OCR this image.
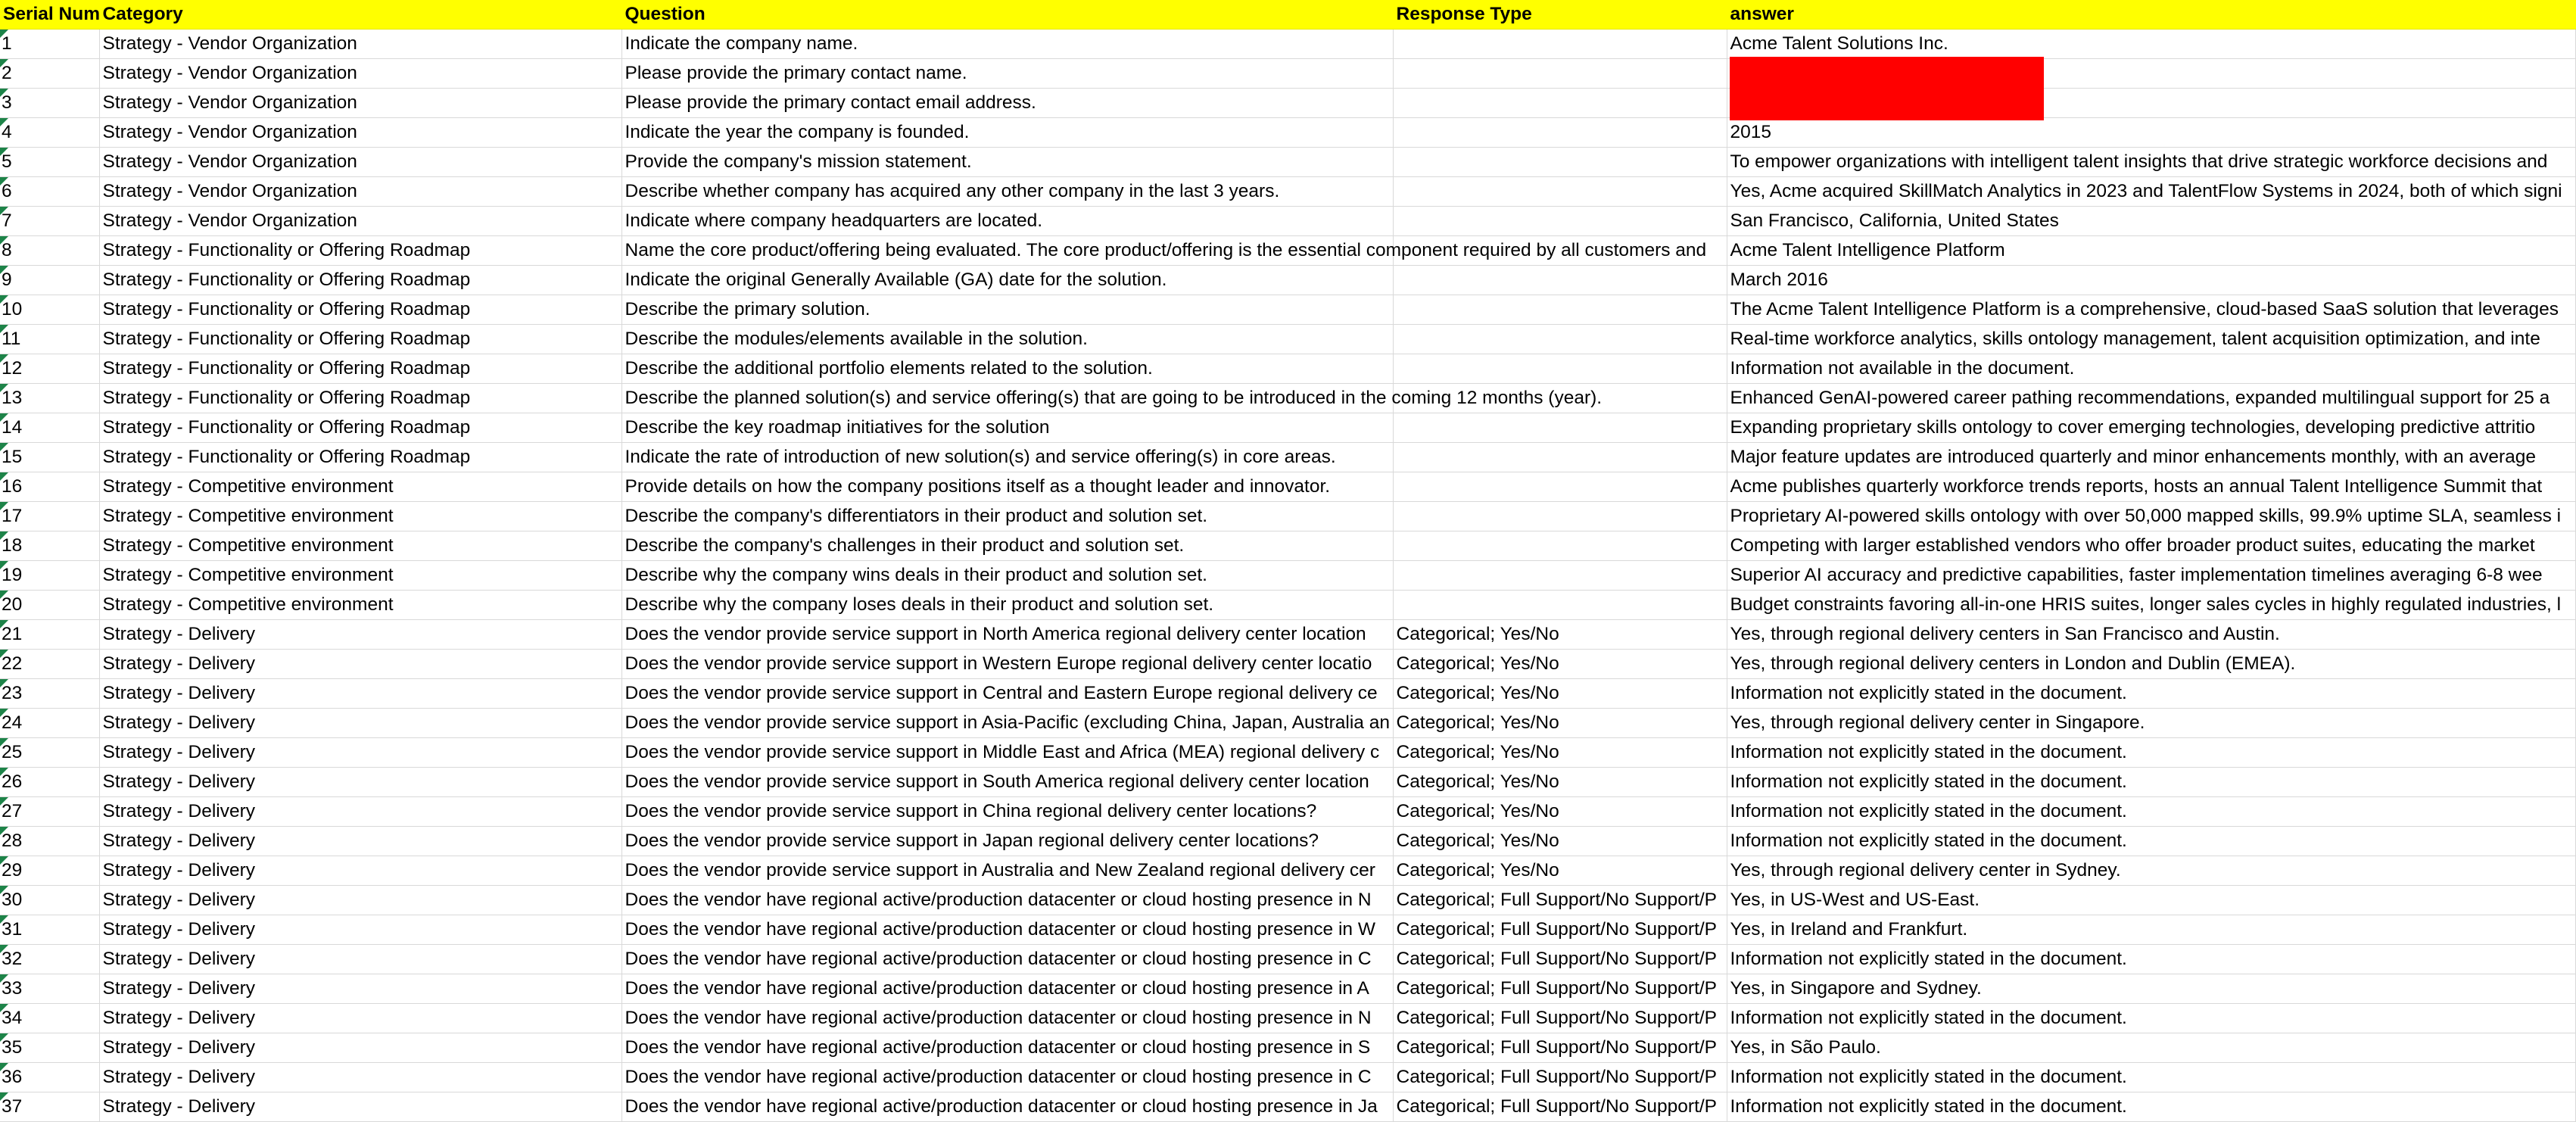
Serial Num	Category	Question	Response Type	answer

1	Strategy - Vendor Organization	Indicate the company name.		Acme Talent Solutions Inc.

2	Strategy - Vendor Organization	Please provide the primary contact name.		

3	Strategy - Vendor Organization	Please provide the primary contact email address.		

4	Strategy - Vendor Organization	Indicate the year the company is founded.		2015

5	Strategy - Vendor Organization	Provide the company's mission statement.		To empower organizations with intelligent talent insights that drive strategic workforce decisions and

6	Strategy - Vendor Organization	Describe whether company has acquired any other company in the last 3 years.		Yes, Acme acquired SkillMatch Analytics in 2023 and TalentFlow Systems in 2024, both of which signi

7	Strategy - Vendor Organization	Indicate where company headquarters are located.		San Francisco, California, United States

8	Strategy - Functionality or Offering Roadmap	Name the core product/offering being evaluated. The core product/offering is the essential component required by all customers and		Acme Talent Intelligence Platform

9	Strategy - Functionality or Offering Roadmap	Indicate the original Generally Available (GA) date for the solution.		March 2016

10	Strategy - Functionality or Offering Roadmap	Describe the primary solution.		The Acme Talent Intelligence Platform is a comprehensive, cloud-based SaaS solution that leverages

11	Strategy - Functionality or Offering Roadmap	Describe the modules/elements available in the solution.		Real-time workforce analytics, skills ontology management, talent acquisition optimization, and inte

12	Strategy - Functionality or Offering Roadmap	Describe the additional portfolio elements related to the solution.		Information not available in the document.

13	Strategy - Functionality or Offering Roadmap	Describe the planned solution(s) and service offering(s) that are going to be introduced in the coming 12 months (year).		Enhanced GenAI-powered career pathing recommendations, expanded multilingual support for 25 a

14	Strategy - Functionality or Offering Roadmap	Describe the key roadmap initiatives for the solution		Expanding proprietary skills ontology to cover emerging technologies, developing predictive attritio

15	Strategy - Functionality or Offering Roadmap	Indicate the rate of introduction of new solution(s) and service offering(s) in core areas.		Major feature updates are introduced quarterly and minor enhancements monthly, with an average

16	Strategy - Competitive environment	Provide details on how the company positions itself as a thought leader and innovator.		Acme publishes quarterly workforce trends reports, hosts an annual Talent Intelligence Summit that

17	Strategy - Competitive environment	Describe the company's differentiators in their product and solution set.		Proprietary AI-powered skills ontology with over 50,000 mapped skills, 99.9% uptime SLA, seamless i

18	Strategy - Competitive environment	Describe the company's challenges in their product and solution set.		Competing with larger established vendors who offer broader product suites, educating the market

19	Strategy - Competitive environment	Describe why the company wins deals in their product and solution set.		Superior AI accuracy and predictive capabilities, faster implementation timelines averaging 6-8 wee

20	Strategy - Competitive environment	Describe why the company loses deals in their product and solution set.		Budget constraints favoring all-in-one HRIS suites, longer sales cycles in highly regulated industries, l

21	Strategy - Delivery	Does the vendor provide service support in North America regional delivery center location	Categorical; Yes/No	Yes, through regional delivery centers in San Francisco and Austin.

22	Strategy - Delivery	Does the vendor provide service support in Western Europe regional delivery center locatio	Categorical; Yes/No	Yes, through regional delivery centers in London and Dublin (EMEA).

23	Strategy - Delivery	Does the vendor provide service support in Central and Eastern Europe regional delivery ce	Categorical; Yes/No	Information not explicitly stated in the document.

24	Strategy - Delivery	Does the vendor provide service support in Asia-Pacific (excluding China, Japan, Australia an	Categorical; Yes/No	Yes, through regional delivery center in Singapore.

25	Strategy - Delivery	Does the vendor provide service support in Middle East and Africa (MEA) regional delivery c	Categorical; Yes/No	Information not explicitly stated in the document.

26	Strategy - Delivery	Does the vendor provide service support in South America regional delivery center location	Categorical; Yes/No	Information not explicitly stated in the document.

27	Strategy - Delivery	Does the vendor provide service support in China regional delivery center locations?	Categorical; Yes/No	Information not explicitly stated in the document.

28	Strategy - Delivery	Does the vendor provide service support in Japan regional delivery center locations?	Categorical; Yes/No	Information not explicitly stated in the document.

29	Strategy - Delivery	Does the vendor provide service support in Australia and New Zealand regional delivery cer	Categorical; Yes/No	Yes, through regional delivery center in Sydney.

30	Strategy - Delivery	Does the vendor have regional active/production datacenter or cloud hosting presence in N	Categorical; Full Support/No Support/P	Yes, in US-West and US-East.

31	Strategy - Delivery	Does the vendor have regional active/production datacenter or cloud hosting presence in W	Categorical; Full Support/No Support/P	Yes, in Ireland and Frankfurt.

32	Strategy - Delivery	Does the vendor have regional active/production datacenter or cloud hosting presence in C	Categorical; Full Support/No Support/P	Information not explicitly stated in the document.

33	Strategy - Delivery	Does the vendor have regional active/production datacenter or cloud hosting presence in A	Categorical; Full Support/No Support/P	Yes, in Singapore and Sydney.

34	Strategy - Delivery	Does the vendor have regional active/production datacenter or cloud hosting presence in N	Categorical; Full Support/No Support/P	Information not explicitly stated in the document.

35	Strategy - Delivery	Does the vendor have regional active/production datacenter or cloud hosting presence in S	Categorical; Full Support/No Support/P	Yes, in São Paulo.

36	Strategy - Delivery	Does the vendor have regional active/production datacenter or cloud hosting presence in C	Categorical; Full Support/No Support/P	Information not explicitly stated in the document.

37	Strategy - Delivery	Does the vendor have regional active/production datacenter or cloud hosting presence in Ja	Categorical; Full Support/No Support/P	Information not explicitly stated in the document.
